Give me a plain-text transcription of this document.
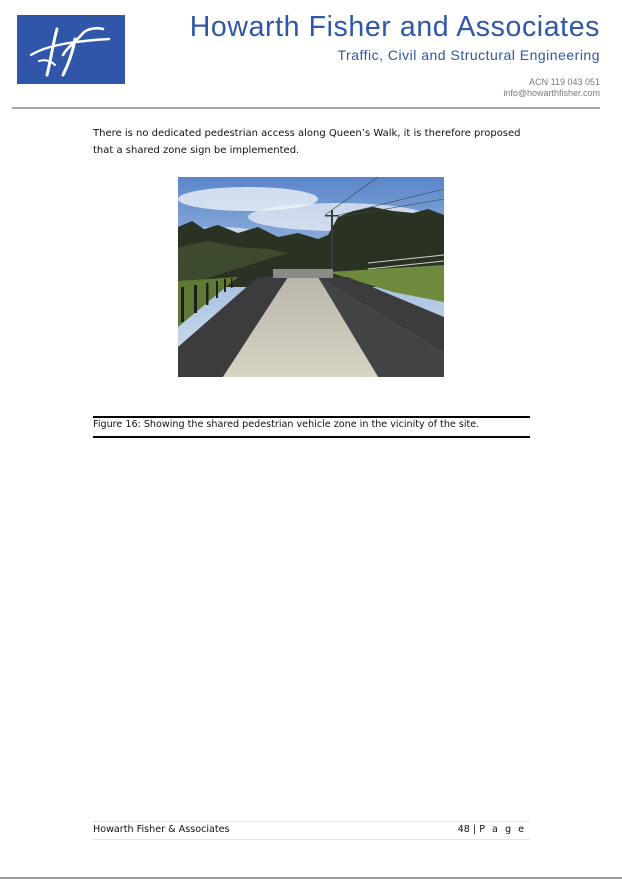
Howarth Fisher and Associates
Traffic, Civil and Structural Engineering
ACN 119 043 051
info@howarthfisher.com

There is no dedicated pedestrian access along Queen’s Walk, it is therefore proposed that a shared zone sign be implemented.

Figure 16: Showing the shared pedestrian vehicle zone in the vicinity of the site.
Howarth Fisher & Associates	48 | P a g e
